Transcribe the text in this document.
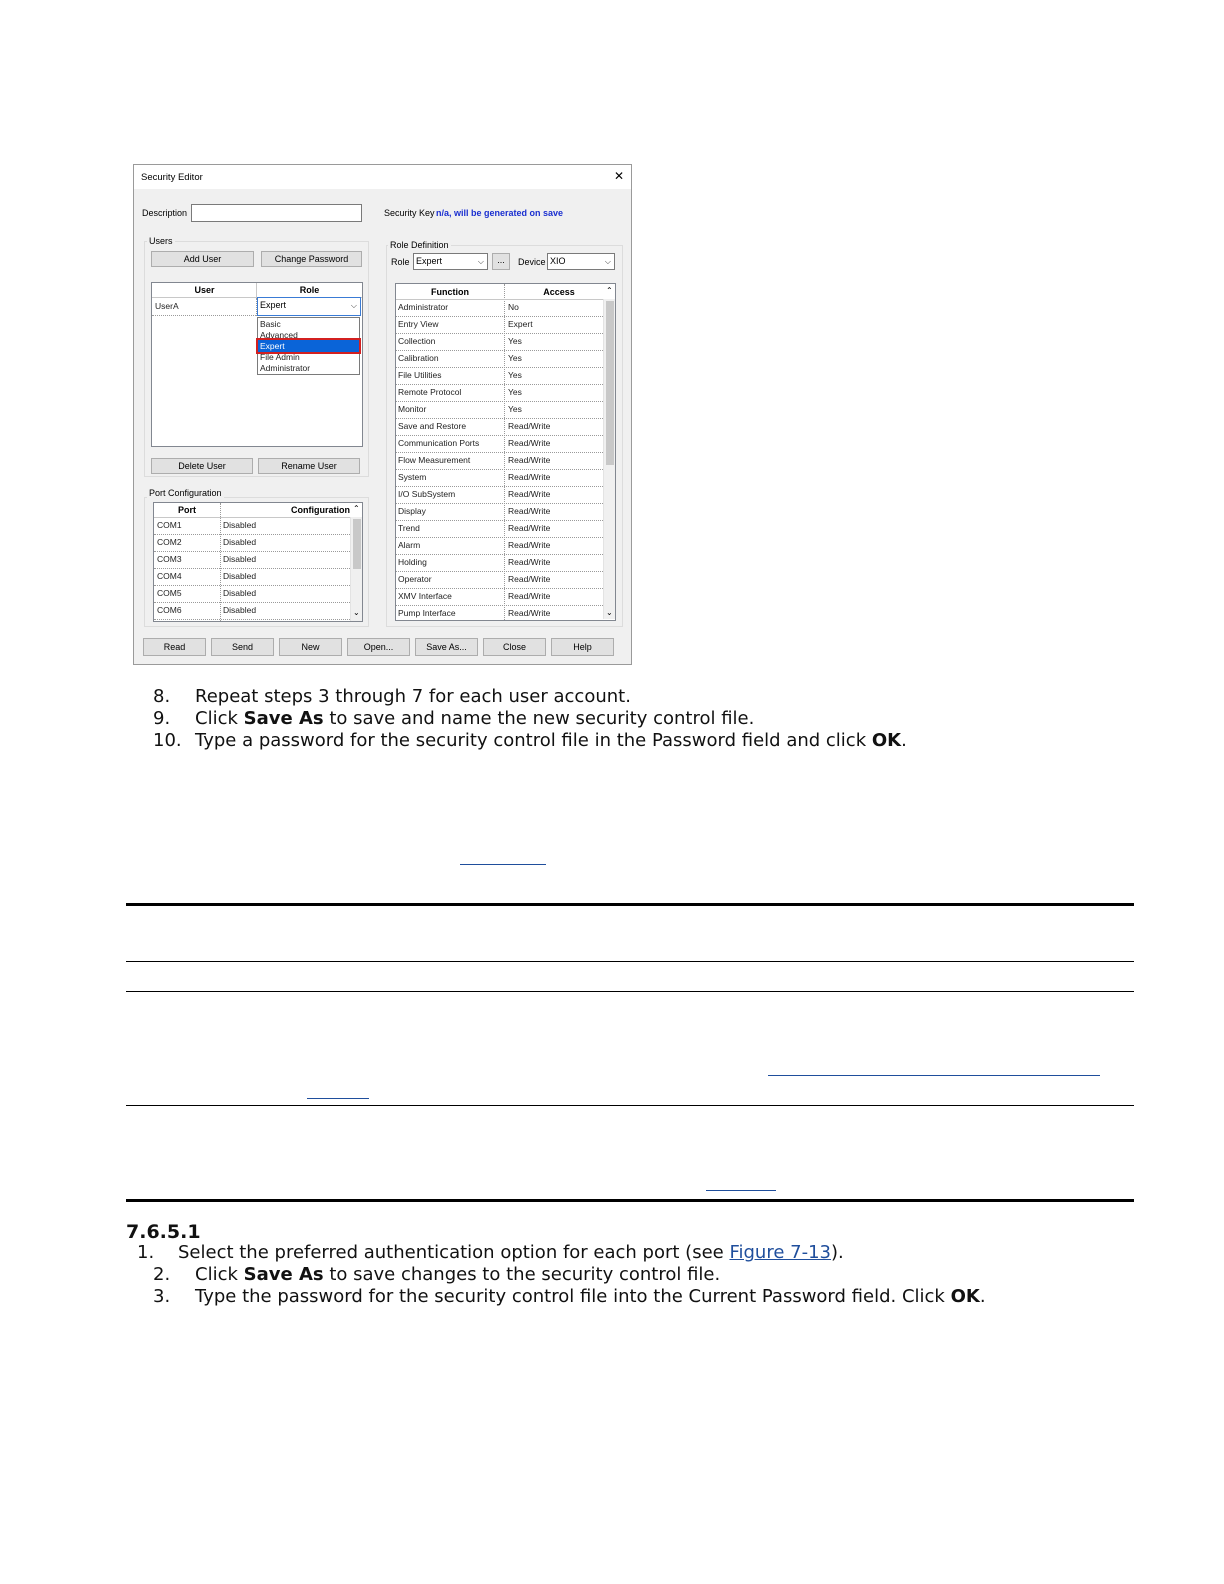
Security Editor	✕
Description	Security Key n/a, will be generated on save
Users
Add User	Change Password
User	Role
UserA	Expert	⌵
Basic
Advanced
Expert
File Admin
Administrator
Delete User	Rename User
Port Configuration
Port	Configuration ⌃
COM1	Disabled
COM2	Disabled
COM3	Disabled
COM4	Disabled
COM5	Disabled
COM6	Disabled	⌄
Role Definition
Role Expert	⌵	...	Device XIO	⌵
Function	Access	⌃
Administrator	No
Entry View	Expert
Collection	Yes
Calibration	Yes
File Utilities	Yes
Remote Protocol	Yes
Monitor	Yes
Save and Restore	Read/Write
Communication Ports	Read/Write
Flow Measurement	Read/Write
System	Read/Write
I/O SubSystem	Read/Write
Display	Read/Write
Trend	Read/Write
Alarm	Read/Write
Holding	Read/Write
Operator	Read/Write
XMV Interface	Read/Write
Pump Interface	Read/Write	⌄
Read	Send	New	Open...	Save As...	Close	Help
8. Repeat steps 3 through 7 for each user account.
9. Click Save As to save and name the new security control file.
10. Type a password for the security control file in the Password field and click OK.
7.6.5.1
1. Select the preferred authentication option for each port (see Figure 7-13).
2. Click Save As to save changes to the security control file.
3. Type the password for the security control file into the Current Password field. Click OK.
